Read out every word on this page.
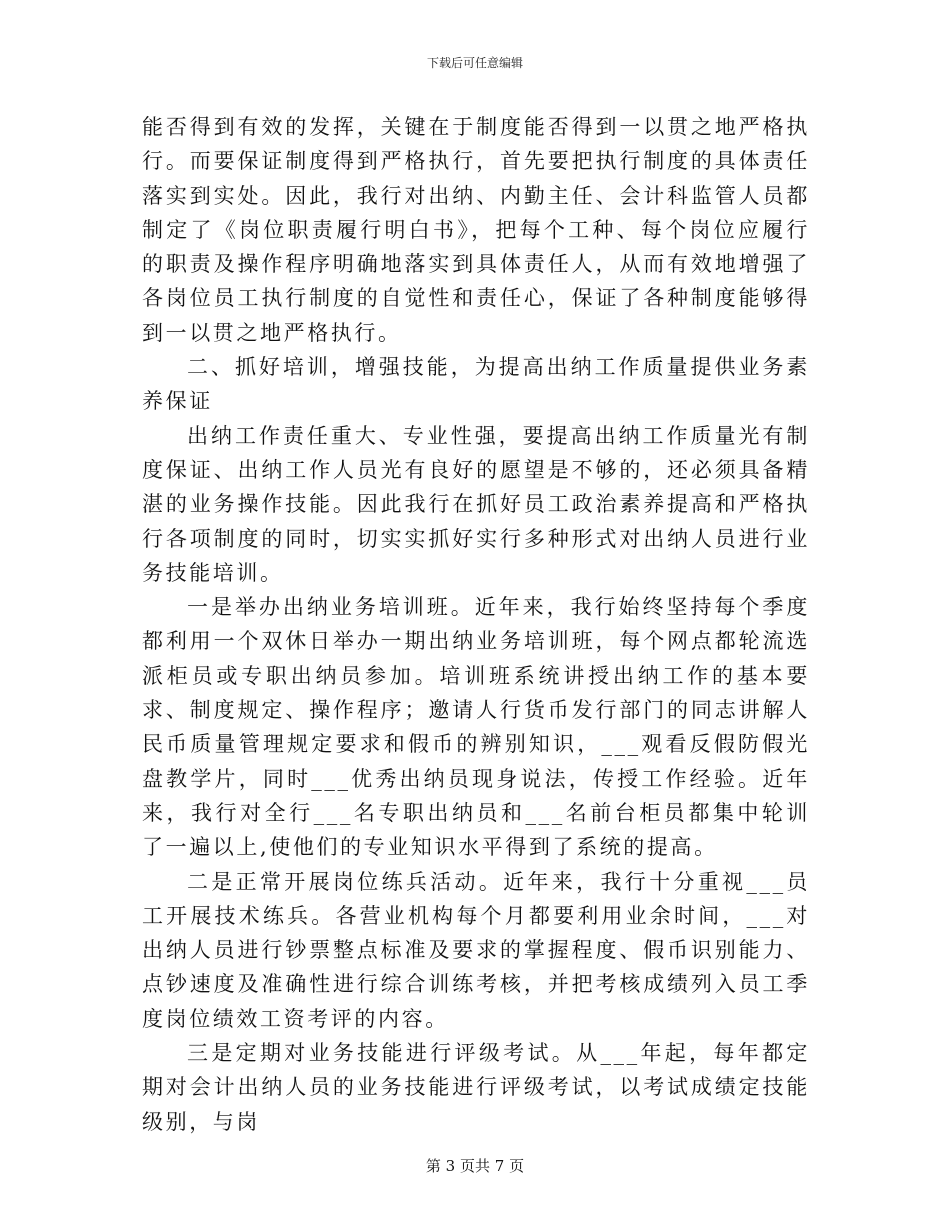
下载后可任意编辑

能否得到有效的发挥，关键在于制度能否得到一以贯之地严格执行。而要保证制度得到严格执行，首先要把执行制度的具体责任落实到实处。因此，我行对出纳、内勤主任、会计科监管人员都制定了《岗位职责履行明白书》，把每个工种、每个岗位应履行的职责及操作程序明确地落实到具体责任人，从而有效地增强了各岗位员工执行制度的自觉性和责任心，保证了各种制度能够得到一以贯之地严格执行。

二、抓好培训，增强技能，为提高出纳工作质量提供业务素养保证

出纳工作责任重大、专业性强，要提高出纳工作质量光有制度保证、出纳工作人员光有良好的愿望是不够的，还必须具备精湛的业务操作技能。因此我行在抓好员工政治素养提高和严格执行各项制度的同时，切实实抓好实行多种形式对出纳人员进行业务技能培训。

一是举办出纳业务培训班。近年来，我行始终坚持每个季度都利用一个双休日举办一期出纳业务培训班，每个网点都轮流选派柜员或专职出纳员参加。培训班系统讲授出纳工作的基本要求、制度规定、操作程序；邀请人行货币发行部门的同志讲解人民币质量管理规定要求和假币的辨别知识，___观看反假防假光盘教学片，同时___优秀出纳员现身说法，传授工作经验。近年来，我行对全行___名专职出纳员和___名前台柜员都集中轮训了一遍以上,使他们的专业知识水平得到了系统的提高。

二是正常开展岗位练兵活动。近年来，我行十分重视___员工开展技术练兵。各营业机构每个月都要利用业余时间，___对出纳人员进行钞票整点标准及要求的掌握程度、假币识别能力、点钞速度及准确性进行综合训练考核，并把考核成绩列入员工季度岗位绩效工资考评的内容。

三是定期对业务技能进行评级考试。从___年起，每年都定期对会计出纳人员的业务技能进行评级考试，以考试成绩定技能级别，与岗

第 3 页共 7 页
